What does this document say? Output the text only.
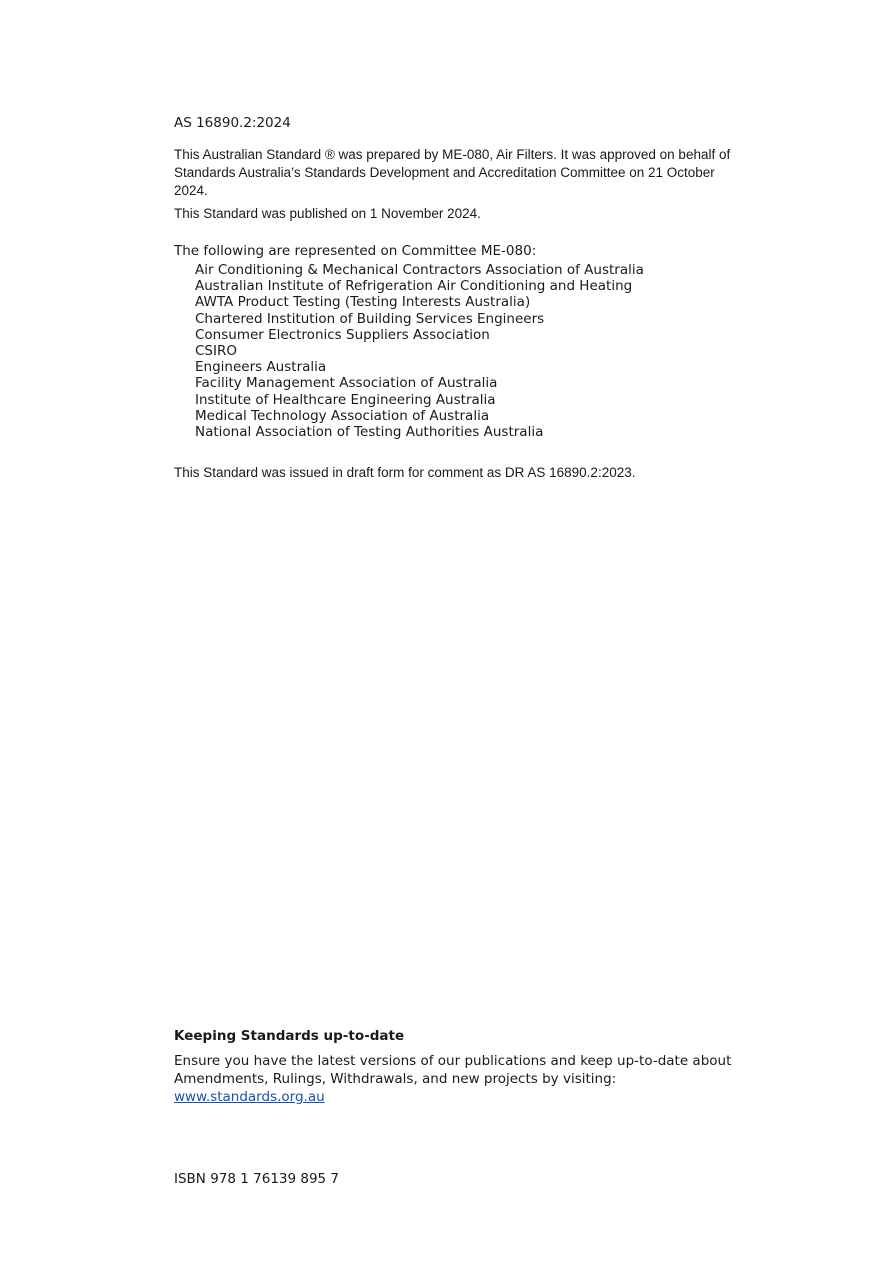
AS 16890.2:2024

This Australian Standard ® was prepared by ME-080, Air Filters. It was approved on behalf of Standards Australia’s Standards Development and Accreditation Committee on 21 October 2024.

This Standard was published on 1 November 2024.

The following are represented on Committee ME-080:

Air Conditioning & Mechanical Contractors Association of Australia
Australian Institute of Refrigeration Air Conditioning and Heating
AWTA Product Testing (Testing Interests Australia)
Chartered Institution of Building Services Engineers
Consumer Electronics Suppliers Association
CSIRO
Engineers Australia
Facility Management Association of Australia
Institute of Healthcare Engineering Australia
Medical Technology Association of Australia
National Association of Testing Authorities Australia

This Standard was issued in draft form for comment as DR AS 16890.2:2023.

Keeping Standards up-to-date

Ensure you have the latest versions of our publications and keep up-to-date about Amendments, Rulings, Withdrawals, and new projects by visiting:
www.standards.org.au

ISBN 978 1 76139 895 7
